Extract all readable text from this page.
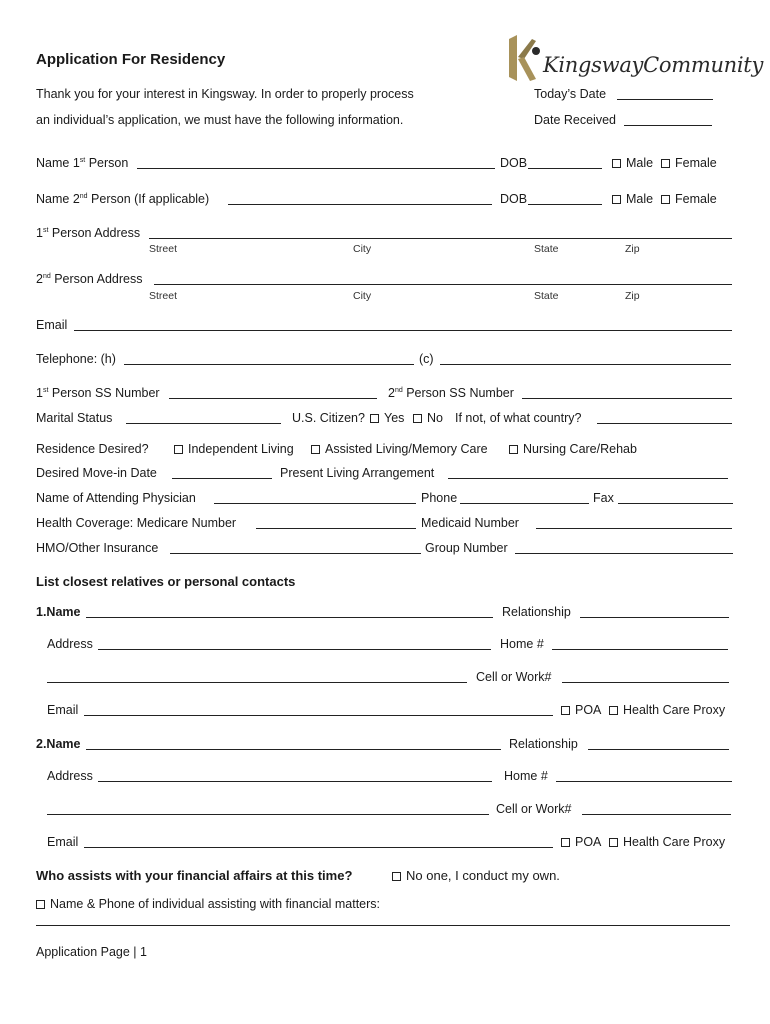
Application For Residency	KingswayCommunity
Thank you for your interest in Kingsway. In order to properly process
an individual’s application, we must have the following information.
Today’s Date
Date Received
Name 1st Person	DOB	Male	Female
Name 2nd Person (If applicable)	DOB	Male	Female
1st Person Address
Street	City	State	Zip
2nd Person Address
Street	City	State	Zip
Email
Telephone: (h)	(c)
1st Person SS Number	2nd Person SS Number
Marital Status	U.S. Citizen?	Yes	No If not, of what country?
Residence Desired?	Independent Living	Assisted Living/Memory Care	Nursing Care/Rehab
Desired Move-in Date	Present Living Arrangement
Name of Attending Physician	Phone	Fax
Health Coverage: Medicare Number	Medicaid Number
HMO/Other Insurance	Group Number
List closest relatives or personal contacts
1.Name	Relationship
Address	Home #
Cell or Work#
Email	POA	Health Care Proxy
2.Name	Relationship
Address	Home #
Cell or Work#
Email	POA	Health Care Proxy
Who assists with your financial affairs at this time?	No one, I conduct my own.
Name & Phone of individual assisting with financial matters:
Application Page | 1
